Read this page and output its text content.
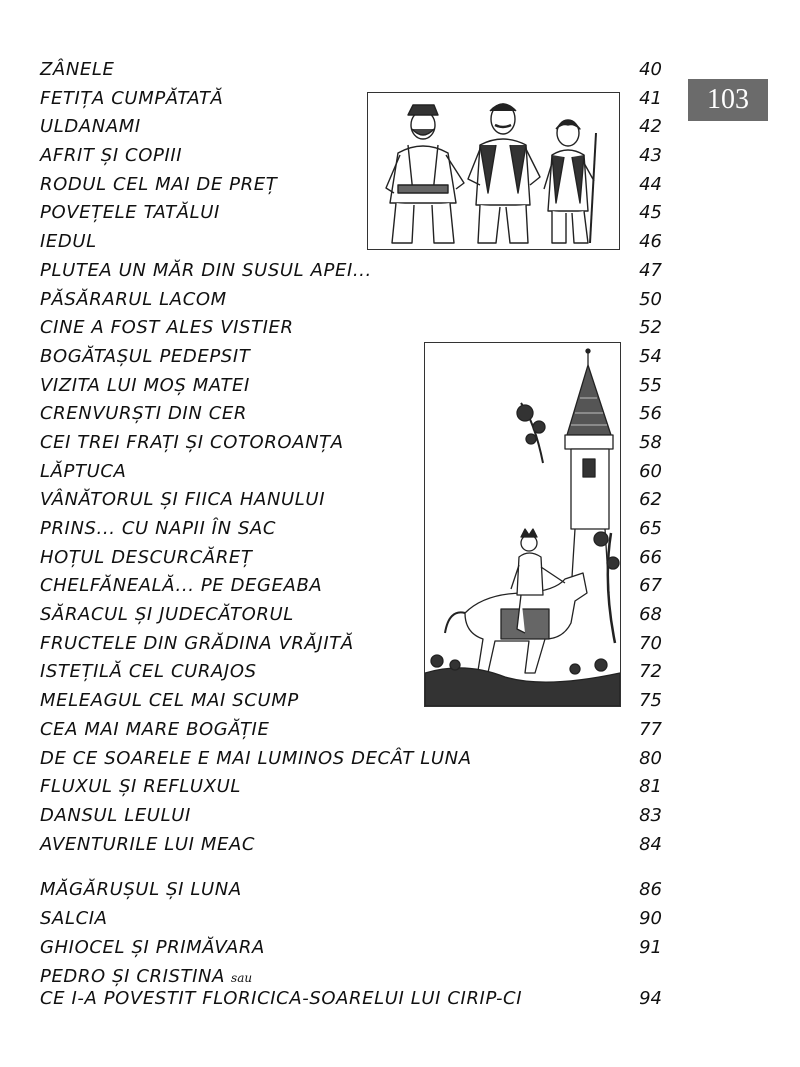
103
ZÂNELE	40
FETIȚA CUMPĂTATĂ	41
ULDANAMI	42
AFRIT ȘI COPIII	43
RODUL CEL MAI DE PREȚ	44
POVEȚELE TATĂLUI	45
IEDUL	46
PLUTEA UN MĂR DIN SUSUL APEI...	47
PĂSĂRARUL LACOM	50
CINE A FOST ALES VISTIER	52
BOGĂTAȘUL PEDEPSIT	54
VIZITA LUI MOȘ MATEI	55
CRENVURȘTI DIN CER	56
CEI TREI FRAȚI ȘI COTOROANȚA	58
LĂPTUCA	60
VÂNĂTORUL ȘI FIICA HANULUI	62
PRINS... CU NAPII ÎN SAC	65
HOȚUL DESCURCĂREȚ	66
CHELFĂNEALĂ... PE DEGEABA	67
SĂRACUL ȘI JUDECĂTORUL	68
FRUCTELE DIN GRĂDINA VRĂJITĂ	70
ISTEȚILĂ CEL CURAJOS	72
MELEAGUL CEL MAI SCUMP	75
CEA MAI MARE BOGĂȚIE	77
DE CE SOARELE E MAI LUMINOS DECÂT LUNA	80
FLUXUL ȘI REFLUXUL	81
DANSUL LEULUI	83
AVENTURILE LUI MEAC	84
MĂGĂRUȘUL ȘI LUNA	86
SALCIA	90
GHIOCEL ȘI PRIMĂVARA	91
PEDRO ȘI CRISTINA sau
CE I-A POVESTIT FLORICICA-SOARELUI LUI CIRIP-CI	94
